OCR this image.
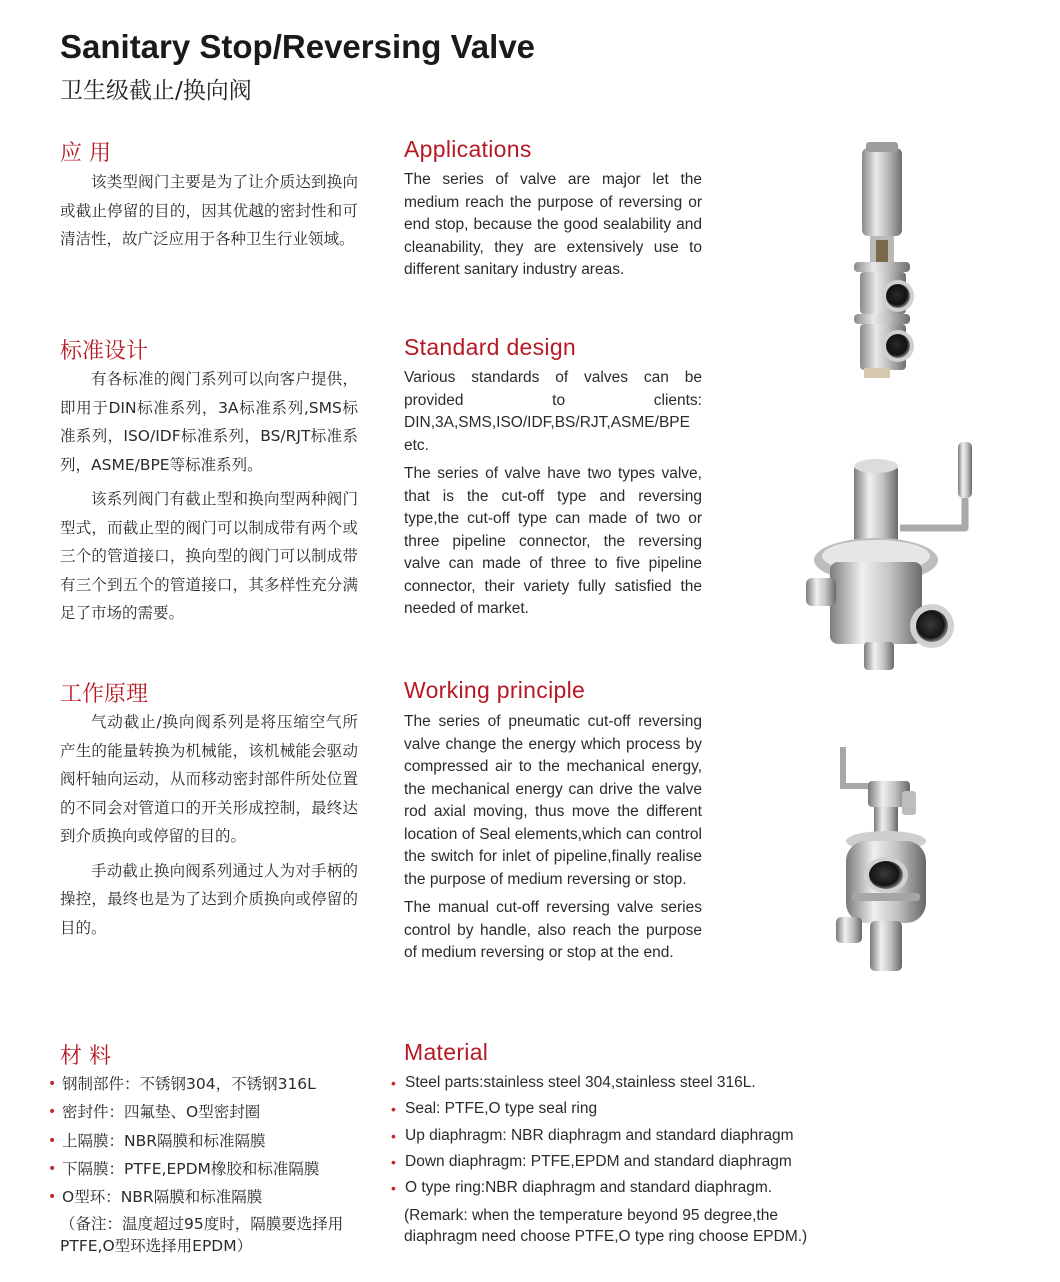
Sanitary Stop/Reversing Valve
卫生级截止/换向阀
应 用

该类型阀门主要是为了让介质达到换向或截止停留的目的，因其优越的密封性和可清洁性，故广泛应用于各种卫生行业领域。

Applications

The series of valve are major let the medium reach the purpose of reversing or end stop, because the good sealability and cleanability, they are extensively use to different sanitary industry areas.

标准设计

有各标准的阀门系列可以向客户提供，即用于DIN标准系列，3A标准系列,SMS标准系列，ISO/IDF标准系列，BS/RJT标准系列，ASME/BPE等标准系列。

该系列阀门有截止型和换向型两种阀门型式，而截止型的阀门可以制成带有两个或三个的管道接口，换向型的阀门可以制成带有三个到五个的管道接口，其多样性充分满足了市场的需要。

Standard design

Various standards of valves can be provided to clients: DIN,3A,SMS,ISO/IDF,BS/RJT,ASME/BPE etc.

The series of valve have two types valve, that is the cut-off type and reversing type,the cut-off type can made of two or three pipeline connector, the reversing valve can made of three to five pipeline connector, their variety fully satisfied the needed of market.

工作原理

气动截止/换向阀系列是将压缩空气所产生的能量转换为机械能，该机械能会驱动阀杆轴向运动，从而移动密封部件所处位置的不同会对管道口的开关形成控制，最终达到介质换向或停留的目的。

手动截止换向阀系列通过人为对手柄的操控，最终也是为了达到介质换向或停留的目的。

Working principle

The series of pneumatic cut-off reversing valve change the energy which process by compressed air to the mechanical energy, the mechanical energy can drive the valve rod axial moving, thus move the different location of Seal elements,which can control the switch for inlet of pipeline,finally realise the purpose of medium reversing or stop.

The manual cut-off reversing valve series control by handle, also reach the purpose of medium reversing or stop at the end.

材 料
• 钢制部件：不锈钢304，不锈钢316L
• 密封件：四氟垫、O型密封圈
• 上隔膜：NBR隔膜和标准隔膜
• 下隔膜：PTFE,EPDM橡胶和标准隔膜
• O型环：NBR隔膜和标准隔膜
（备注：温度超过95度时，隔膜要选择用PTFE,O型环选择用EPDM）
Material
• Steel parts:stainless steel 304,stainless steel 316L.
• Seal: PTFE,O type seal ring
• Up diaphragm: NBR diaphragm and standard diaphragm
• Down diaphragm: PTFE,EPDM and standard diaphragm
• O type ring:NBR diaphragm and standard diaphragm.
(Remark: when the temperature beyond 95 degree,the diaphragm need choose PTFE,O type ring choose EPDM.)
